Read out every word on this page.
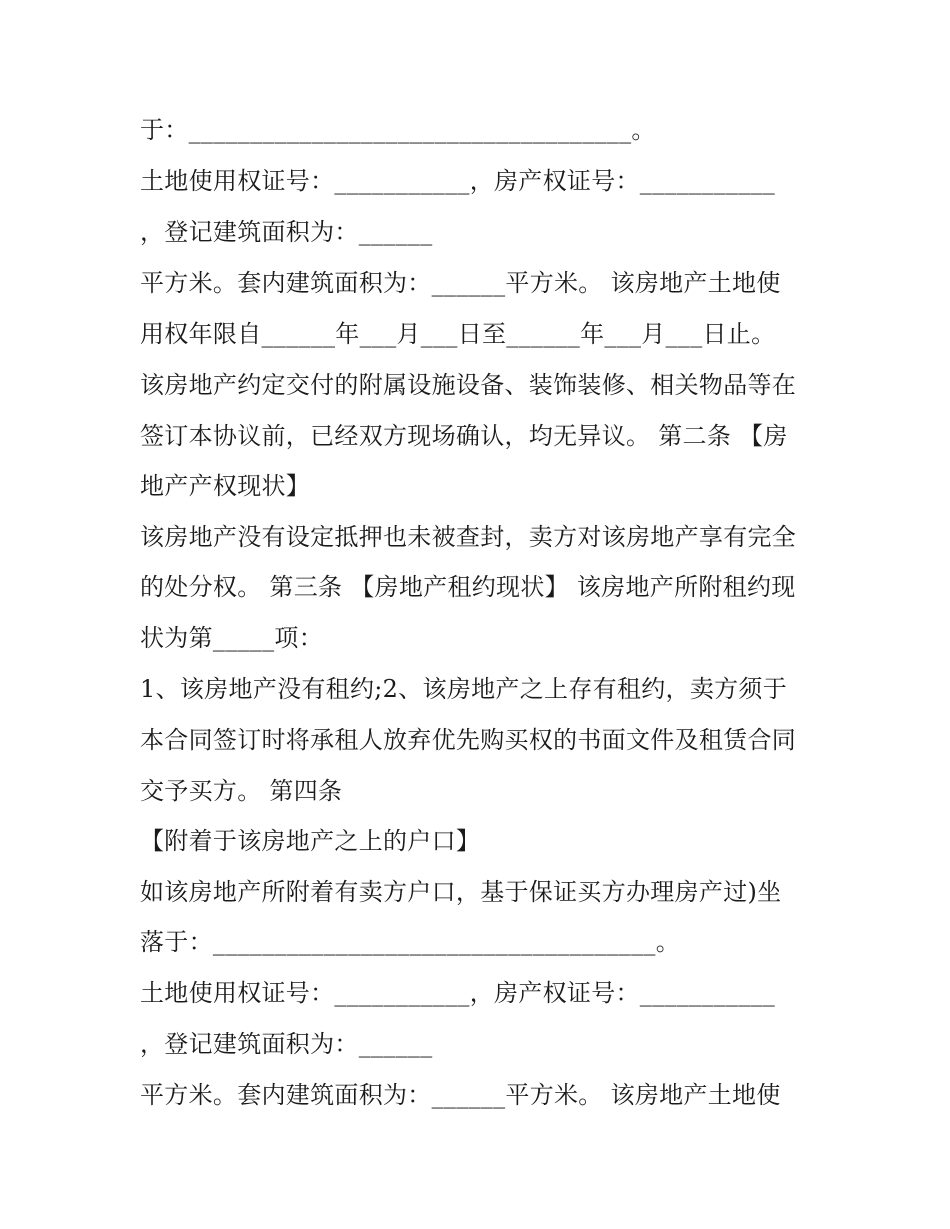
于：____________________________________。
土地使用权证号：___________，房产权证号：___________
，登记建筑面积为：______
平方米。套内建筑面积为：______平方米。 该房地产土地使
用权年限自______年___月___日至______年___月___日止。
该房地产约定交付的附属设施设备、装饰装修、相关物品等在
签订本协议前，已经双方现场确认，均无异议。 第二条 【房
地产产权现状】
该房地产没有设定抵押也未被查封，卖方对该房地产享有完全
的处分权。 第三条 【房地产租约现状】 该房地产所附租约现
状为第_____项：
1、该房地产没有租约;2、该房地产之上存有租约，卖方须于
本合同签订时将承租人放弃优先购买权的书面文件及租赁合同
交予买方。 第四条
【附着于该房地产之上的户口】
如该房地产所附着有卖方户口，基于保证买方办理房产过)坐
落于：____________________________________。
土地使用权证号：___________，房产权证号：___________
，登记建筑面积为：______
平方米。套内建筑面积为：______平方米。 该房地产土地使
